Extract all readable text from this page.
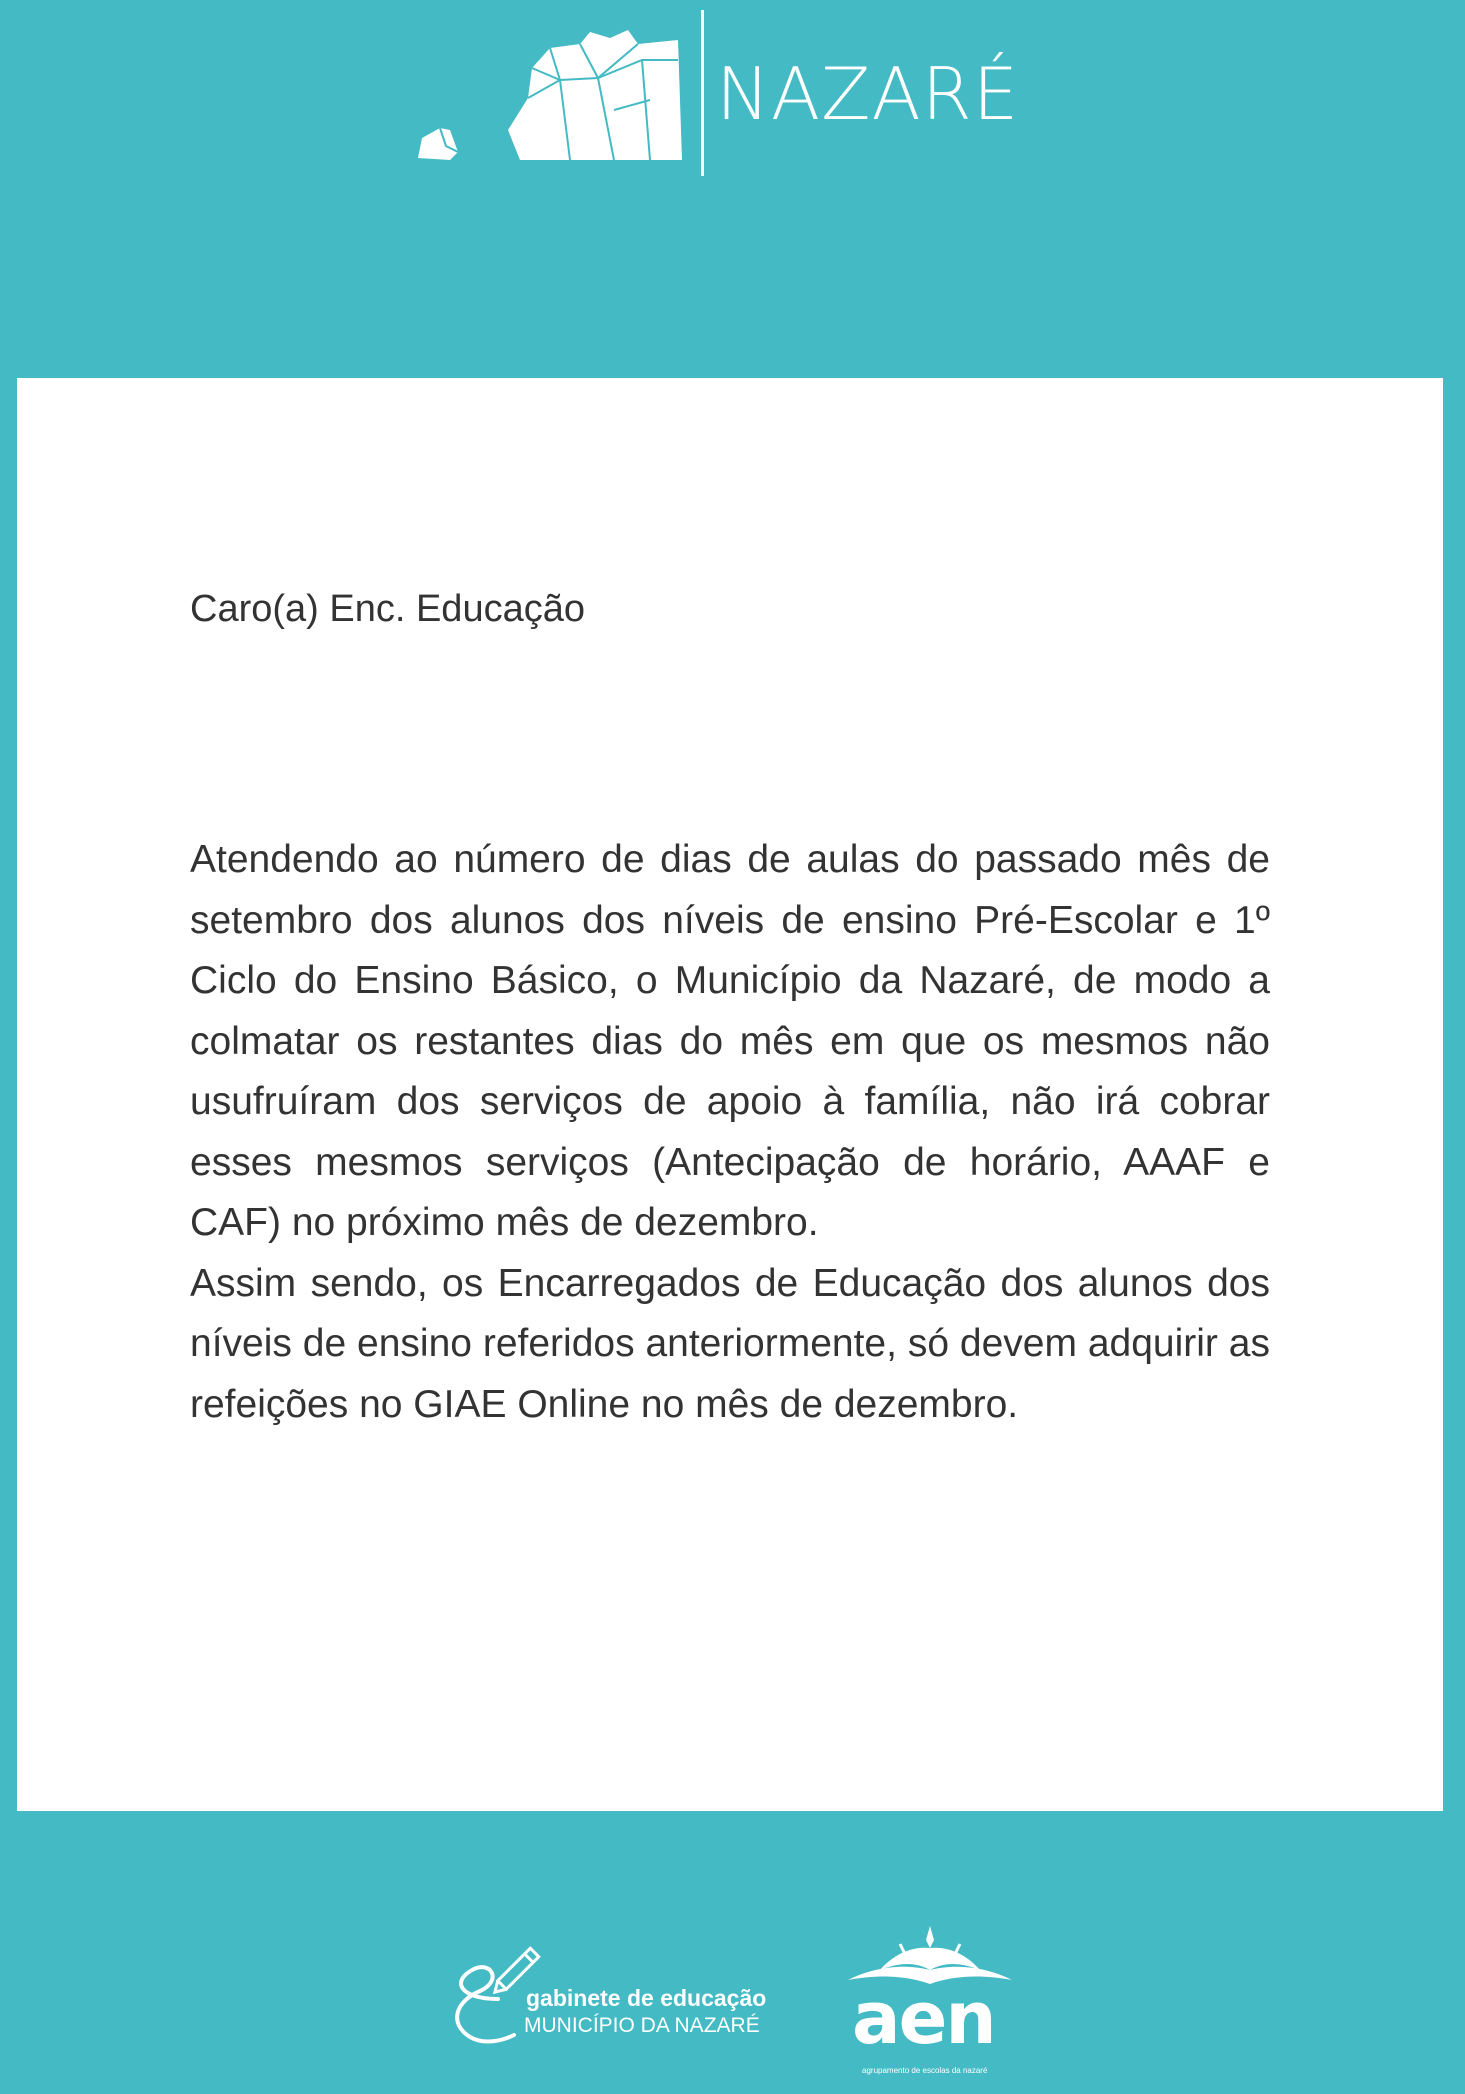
NAZARÉ
Caro(a) Enc. Educação

Atendendo ao número de dias de aulas do passado mês de setembro dos alunos dos níveis de ensino Pré-Escolar e 1º Ciclo do Ensino Básico, o Município da Nazaré, de modo a colmatar os restantes dias do mês em que os mesmos não usufruíram dos serviços de apoio à família, não irá cobrar esses mesmos serviços (Antecipação de horário, AAAF e CAF) no próximo mês de dezembro.

Assim sendo, os Encarregados de Educação dos alunos dos níveis de ensino referidos anteriormente, só devem adquirir as refeições no GIAE Online no mês de dezembro.

gabinete de educação
MUNICÍPIO DA NAZARÉ aen
agrupamento de escolas da nazaré
